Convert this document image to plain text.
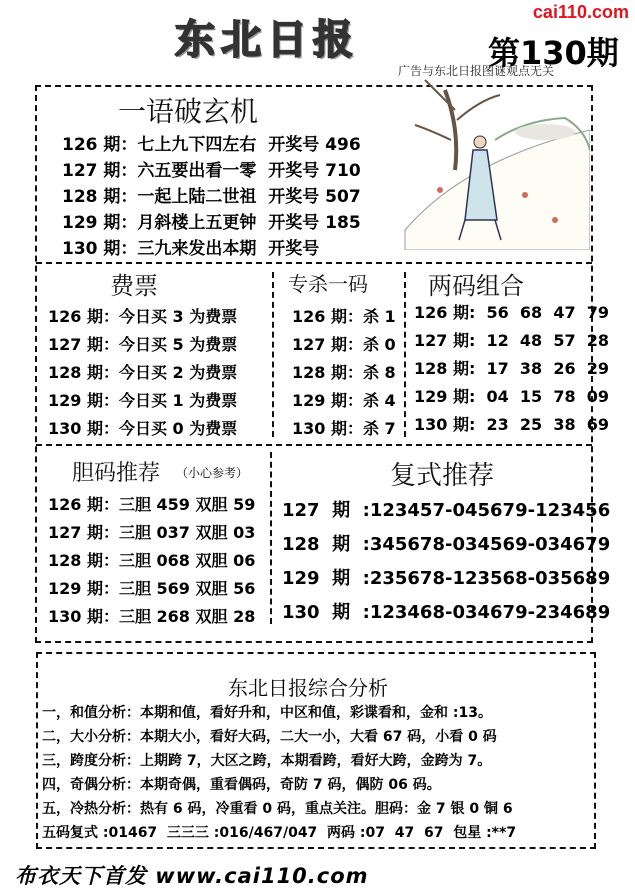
东北日报
cai110.com
第130期
广告与东北日报图谜观点无关
一语破玄机
126 期：七上九下四左右  开奖号 496
127 期：六五要出看一零  开奖号 710
128 期：一起上陆二世祖  开奖号 507
129 期：月斜楼上五更钟  开奖号 185
130 期：三九来发出本期  开奖号
费票
126 期：今日买 3 为费票
127 期：今日买 5 为费票
128 期：今日买 2 为费票
129 期：今日买 1 为费票
130 期：今日买 0 为费票
专杀一码
126 期：杀 1
127 期：杀 0
128 期：杀 8
129 期：杀 4
130 期：杀 7
两码组合
126 期:  56  68  47  79
127 期:  12  48  57  28
128 期:  17  38  26  29
129 期:  04  15  78  09
130 期:  23  25  38  69
胆码推荐 （小心参考）
126 期：三胆 459 双胆 59
127 期：三胆 037 双胆 03
128 期：三胆 068 双胆 06
129 期：三胆 569 双胆 56
130 期：三胆 268 双胆 28
复式推荐
127  期  :123457-045679-123456
128  期  :345678-034569-034679
129  期  :235678-123568-035689
130  期  :123468-034679-234689
东北日报综合分析
一，和值分析：本期和值，看好升和，中区和值，彩谍看和，金和 :13。
二，大小分析：本期大小，看好大码，二大一小，大看 67 码，小看 0 码
三，跨度分析：上期跨 7，大区之跨，本期看跨，看好大跨，金跨为 7。
四，奇偶分析：本期奇偶，重看偶码，奇防 7 码，偶防 06 码。
五，冷热分析：热有 6 码，冷重看 0 码，重点关注。胆码：金 7 银 0 铜 6
五码复式 :01467  三三三 :016/467/047  两码 :07  47  67  包星 :**7
布衣天下首发 www.cai110.com
